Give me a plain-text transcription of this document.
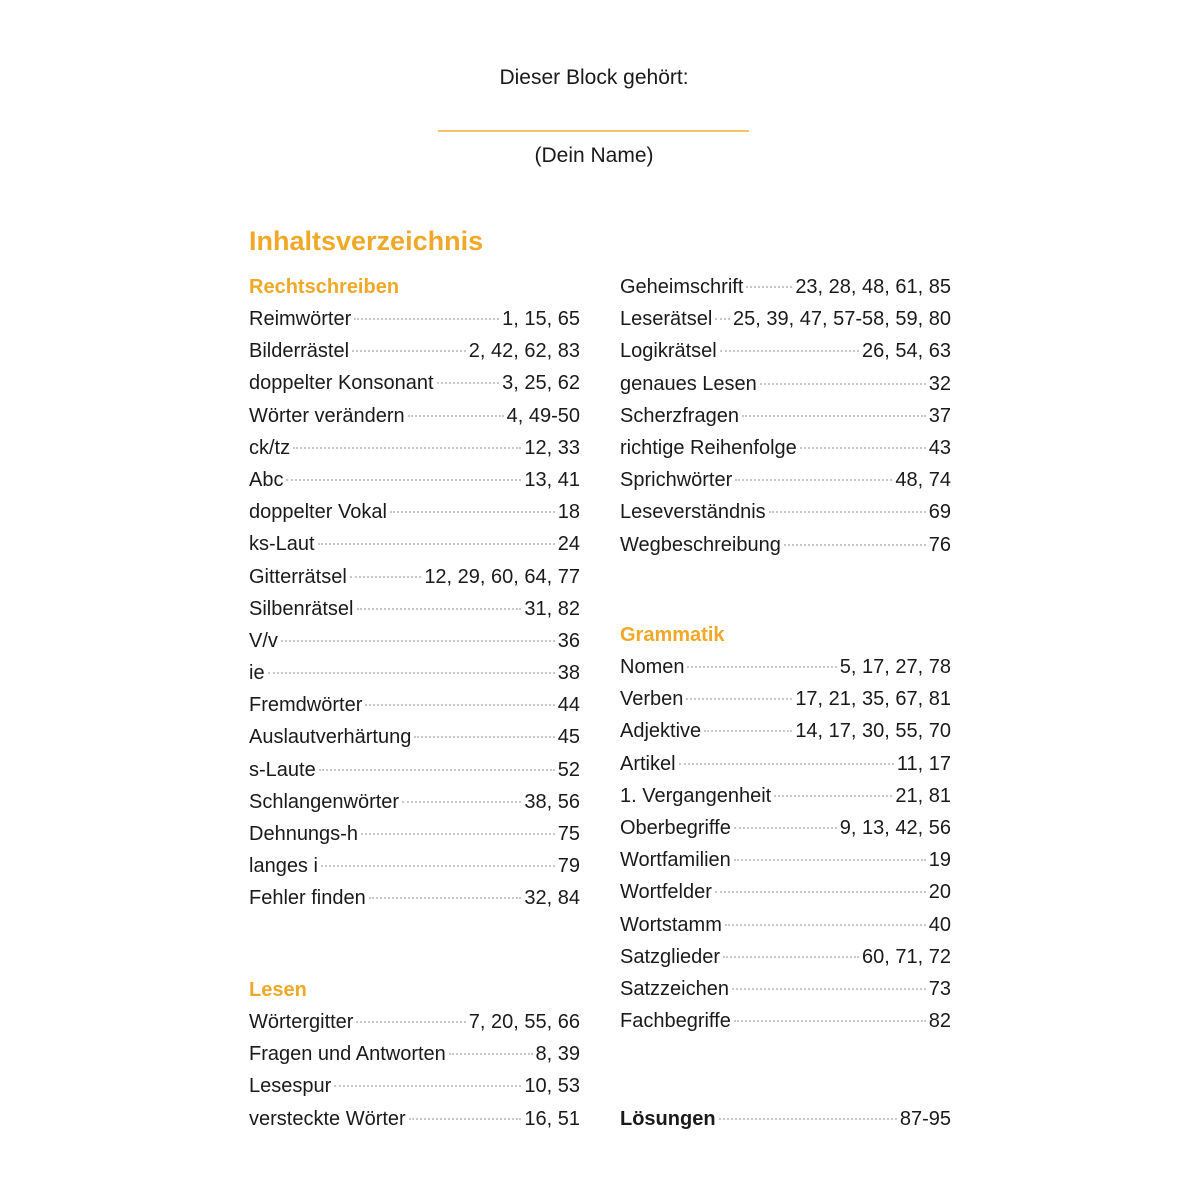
Dieser Block gehört:
(Dein Name)
Inhaltsverzeichnis
Rechtschreiben
Reimwörter	1, 15, 65
Bilderrästel	2, 42, 62, 83
doppelter Konsonant	3, 25, 62
Wörter verändern	4, 49-50
ck/tz	12, 33
Abc	13, 41
doppelter Vokal	18
ks-Laut	24
Gitterrätsel	12, 29, 60, 64, 77
Silbenrätsel	31, 82
V/v	36
ie	38
Fremdwörter	44
Auslautverhärtung	45
s-Laute	52
Schlangenwörter	38, 56
Dehnungs-h	75
langes i	79
Fehler finden	32, 84
Lesen
Wörtergitter	7, 20, 55, 66
Fragen und Antworten	8, 39
Lesespur	10, 53
versteckte Wörter	16, 51
Geheimschrift	23, 28, 48, 61, 85
Leserätsel 25, 39, 47, 57-58, 59, 80
Logikrätsel	26, 54, 63
genaues Lesen	32
Scherzfragen	37
richtige Reihenfolge	43
Sprichwörter	48, 74
Leseverständnis	69
Wegbeschreibung	76
Grammatik
Nomen	5, 17, 27, 78
Verben	17, 21, 35, 67, 81
Adjektive	14, 17, 30, 55, 70
Artikel	11, 17
1. Vergangenheit	21, 81
Oberbegriffe	9, 13, 42, 56
Wortfamilien	19
Wortfelder	20
Wortstamm	40
Satzglieder	60, 71, 72
Satzzeichen	73
Fachbegriffe	82
Lösungen	87-95
